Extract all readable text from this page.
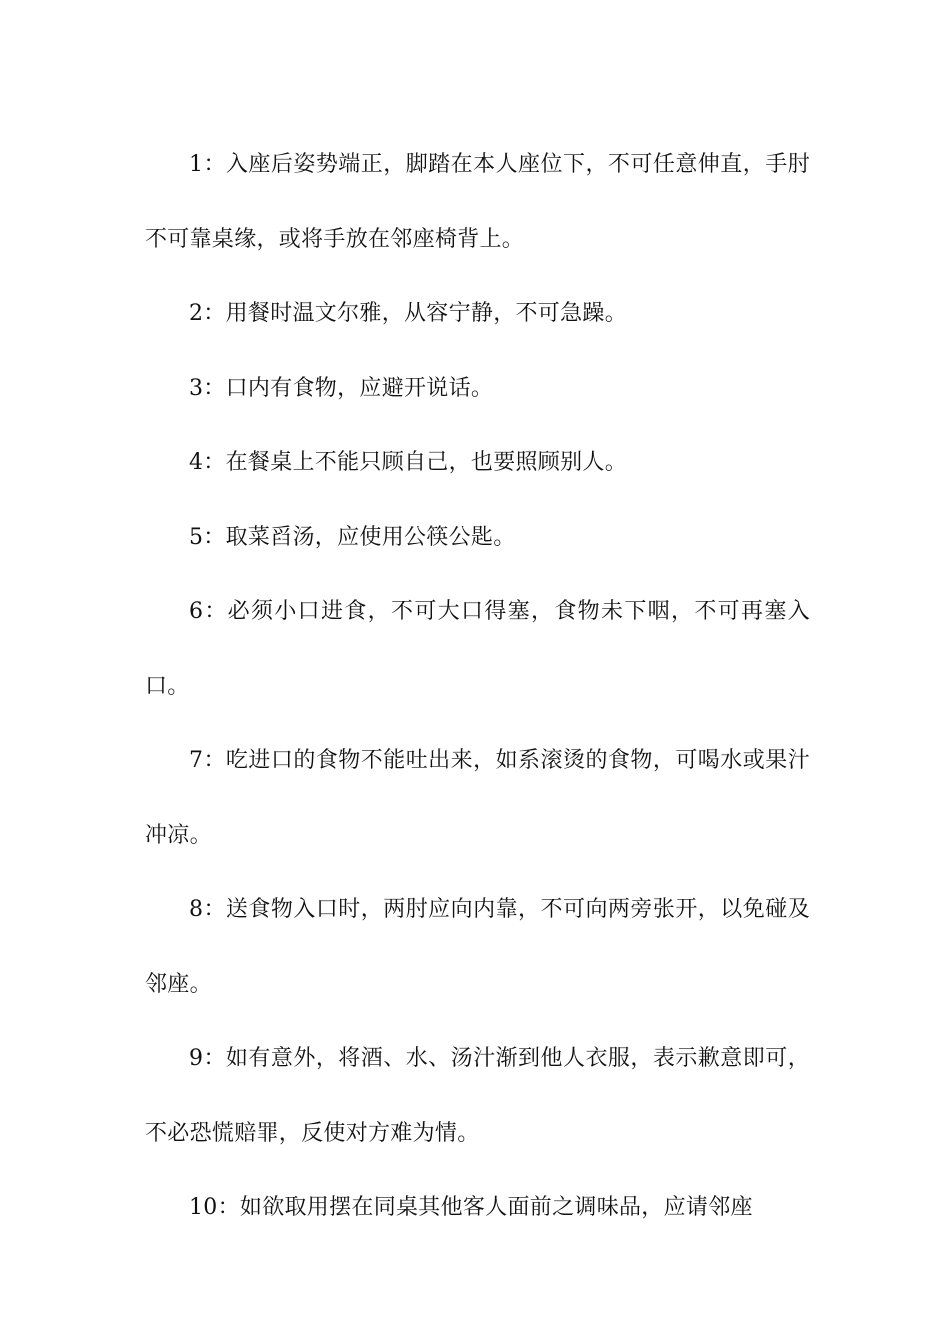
1：入座后姿势端正，脚踏在本人座位下，不可任意伸直，手肘不可靠桌缘，或将手放在邻座椅背上。

2：用餐时温文尔雅，从容宁静，不可急躁。

3：口内有食物，应避开说话。

4：在餐桌上不能只顾自己，也要照顾别人。

5：取菜舀汤，应使用公筷公匙。

6：必须小口进食，不可大口得塞，食物未下咽，不可再塞入口。

7：吃进口的食物不能吐出来，如系滚烫的食物，可喝水或果汁冲凉。

8：送食物入口时，两肘应向内靠，不可向两旁张开，以免碰及邻座。

9：如有意外，将酒、水、汤汁渐到他人衣服，表示歉意即可，不必恐慌赔罪，反使对方难为情。

10：如欲取用摆在同桌其他客人面前之调味品，应请邻座
